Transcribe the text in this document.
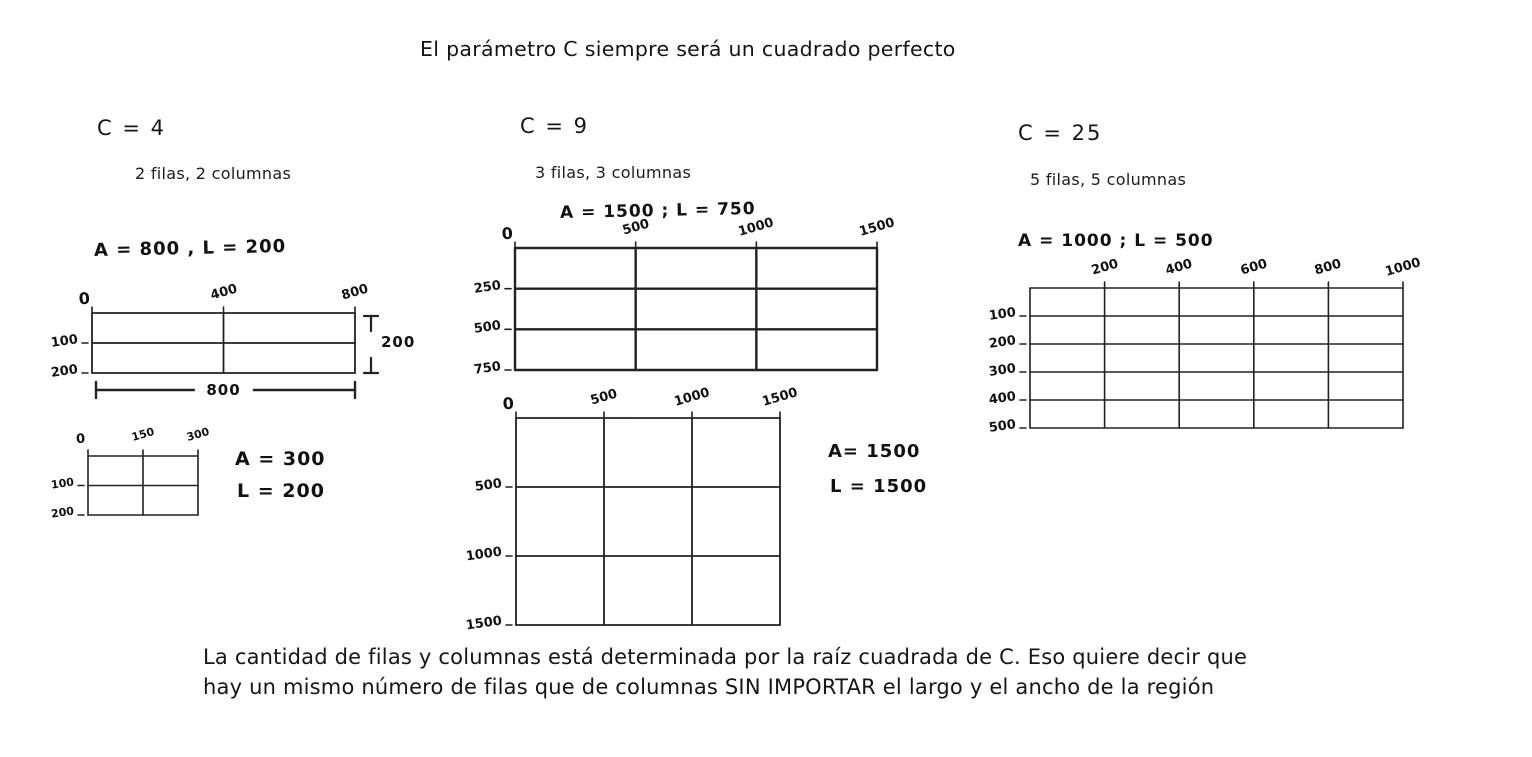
El parámetro C siempre será un cuadrado perfecto
C = 4
2 filas, 2 columnas
A = 800 , L = 200
C = 9
3 filas, 3 columnas
A = 1500 ; L = 750
C = 25
5 filas, 5 columnas
A = 1000 ; L = 500
A = 300
L = 200
A= 1500
L = 1500
0	400	800
100
200
200
800
0	150	300
100
200
0	500	1000	1500
250
500
750
0	500	1000	1500
500
1000
1500
200	400	600	800	1000
100
200
300
400
500
La cantidad de filas y columnas está determinada por la raíz cuadrada de C. Eso quiere decir que
hay un mismo número de filas que de columnas SIN IMPORTAR el largo y el ancho de la región
